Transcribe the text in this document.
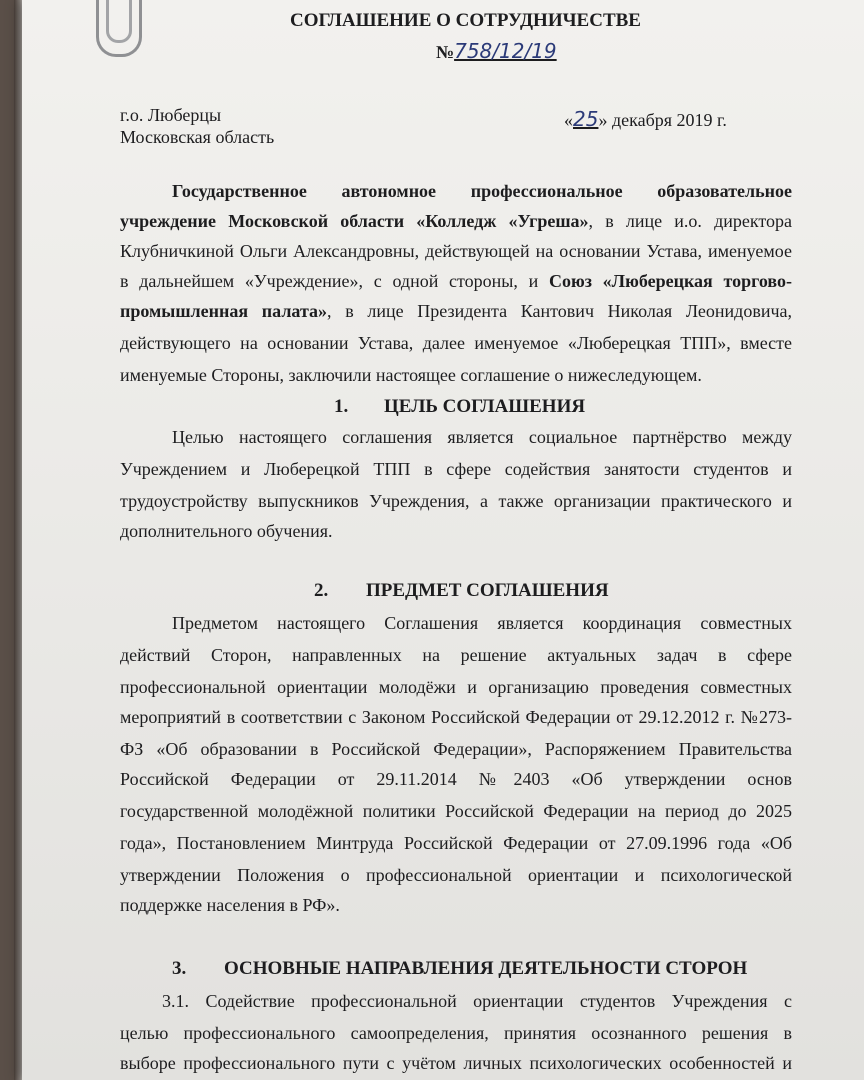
СОГЛАШЕНИЕ О СОТРУДНИЧЕСТВЕ
№758/12/19
г.о. Люберцы
Московская область
«25» декабря 2019 г.
Государственное автономное профессиональное образовательное
учреждение Московской области «Колледж «Угреша», в лице и.о. директора
Клубничкиной Ольги Александровны, действующей на основании Устава, именуемое
в дальнейшем «Учреждение», с одной стороны, и Союз «Люберецкая торгово-
промышленная палата», в лице Президента Кантович Николая Леонидовича,
действующего на основании Устава, далее именуемое «Люберецкая ТПП», вместе
именуемые Стороны, заключили настоящее соглашение о нижеследующем.
1. ЦЕЛЬ СОГЛАШЕНИЯ
Целью настоящего соглашения является социальное партнёрство между
Учреждением и Люберецкой ТПП в сфере содействия занятости студентов и
трудоустройству выпускников Учреждения, а также организации практического и
дополнительного обучения.
2. ПРЕДМЕТ СОГЛАШЕНИЯ
Предметом настоящего Соглашения является координация совместных
действий Сторон, направленных на решение актуальных задач в сфере
профессиональной ориентации молодёжи и организацию проведения совместных
мероприятий в соответствии с Законом Российской Федерации от 29.12.2012 г. №273-
ФЗ «Об образовании в Российской Федерации», Распоряжением Правительства
Российской Федерации от 29.11.2014 №2403 «Об утверждении основ
государственной молодёжной политики Российской Федерации на период до 2025
года», Постановлением Минтруда Российской Федерации от 27.09.1996 года «Об
утверждении Положения о профессиональной ориентации и психологической
поддержке населения в РФ».
3. ОСНОВНЫЕ НАПРАВЛЕНИЯ ДЕЯТЕЛЬНОСТИ СТОРОН
3.1. Содействие профессиональной ориентации студентов Учреждения с
целью профессионального самоопределения, принятия осознанного решения в
выборе профессионального пути с учётом личных психологических особенностей и
